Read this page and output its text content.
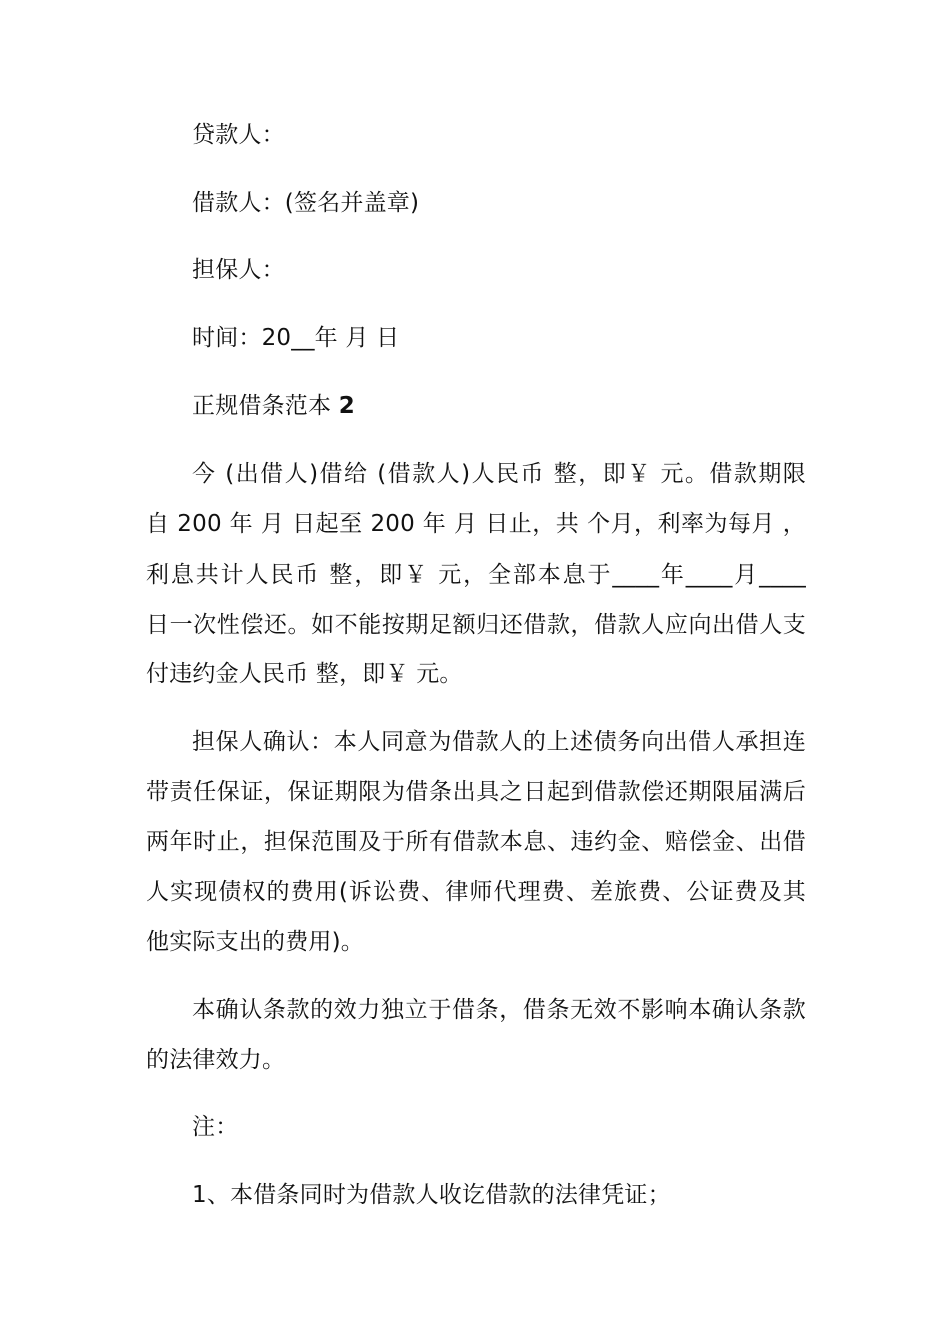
贷款人：
借款人：(签名并盖章)
担保人：
时间：20__年 月 日
正规借条范本 2
今 (出借人)借给 (借款人)人民币 整，即￥ 元。借款期限
自 200 年 月 日起至 200 年 月 日止，共 个月，利率为每月 ，
利息共计人民币 整，即￥ 元，全部本息于____年____月____
日一次性偿还。如不能按期足额归还借款，借款人应向出借人支
付违约金人民币 整，即￥ 元。
担保人确认：本人同意为借款人的上述债务向出借人承担连
带责任保证，保证期限为借条出具之日起到借款偿还期限届满后
两年时止，担保范围及于所有借款本息、违约金、赔偿金、出借
人实现债权的费用(诉讼费、律师代理费、差旅费、公证费及其
他实际支出的费用)。
本确认条款的效力独立于借条，借条无效不影响本确认条款
的法律效力。
注：
1、本借条同时为借款人收讫借款的法律凭证；
